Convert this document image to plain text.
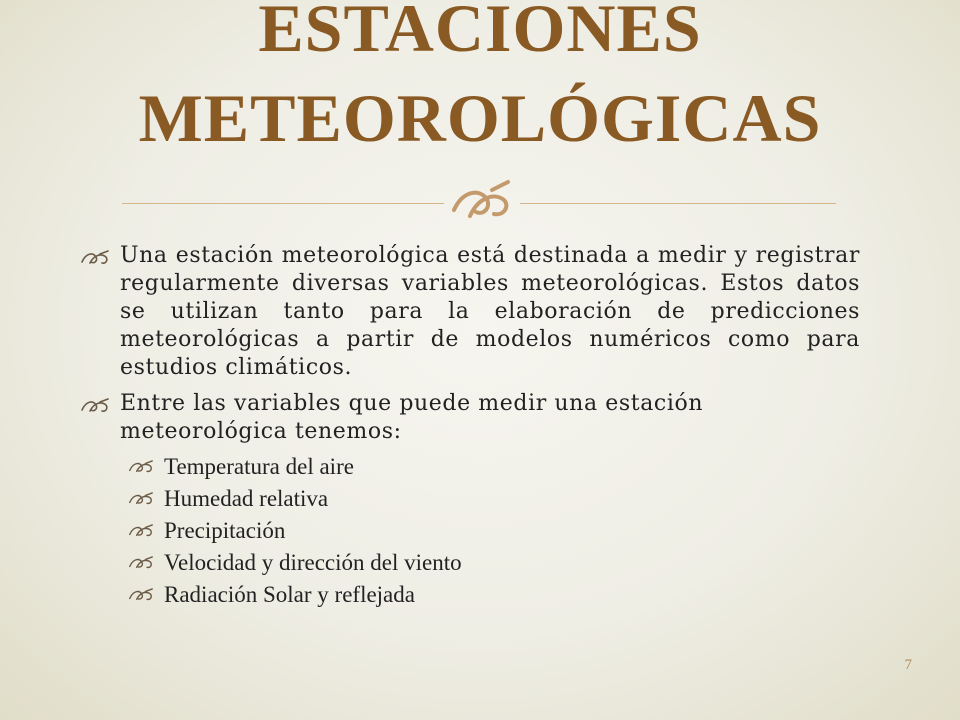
ESTACIONES
METEOROLÓGICAS
Una estación meteorológica está destinada a medir y registrar regularmente diversas variables meteorológicas. Estos datos se utilizan tanto para la elaboración de predicciones meteorológicas a partir de modelos numéricos como para estudios climáticos.
Entre las variables que puede medir una estación meteorológica tenemos:
Temperatura del aire
Humedad relativa
Precipitación
Velocidad y dirección del viento
Radiación Solar y reflejada
7
